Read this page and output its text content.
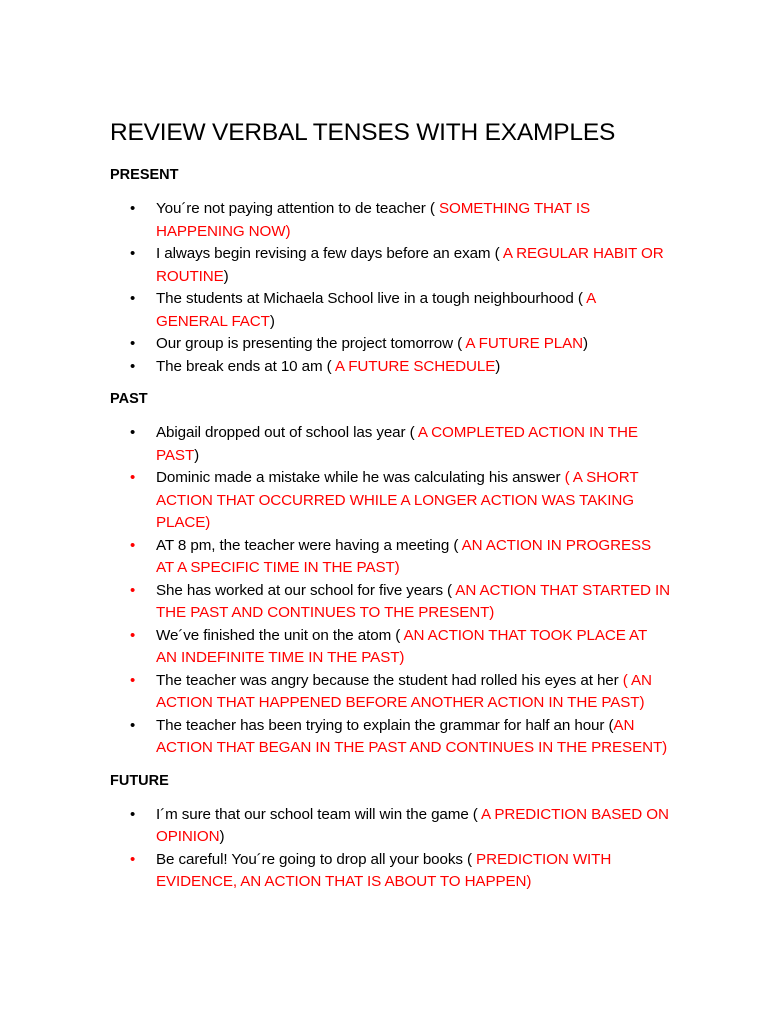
REVIEW VERBAL TENSES WITH EXAMPLES
PRESENT
• You´re not paying attention to de teacher ( SOMETHING THAT IS HAPPENING NOW)
• I always begin revising a few days before an exam ( A REGULAR HABIT OR ROUTINE)
• The students at Michaela School live in a tough neighbourhood ( A GENERAL FACT)
• Our group is presenting the project tomorrow ( A FUTURE PLAN)
• The break ends at 10 am ( A FUTURE SCHEDULE)
PAST
• Abigail dropped out of school las year ( A COMPLETED ACTION IN THE PAST)
• Dominic made a mistake while he was calculating his answer ( A SHORT ACTION THAT OCCURRED WHILE A LONGER ACTION WAS TAKING PLACE)
• AT 8 pm, the teacher were having a meeting ( AN ACTION IN PROGRESS AT A SPECIFIC TIME IN THE PAST)
• She has worked at our school for five years ( AN ACTION THAT STARTED IN THE PAST AND CONTINUES TO THE PRESENT)
• We´ve finished the unit on the atom ( AN ACTION THAT TOOK PLACE AT AN INDEFINITE TIME IN THE PAST)
• The teacher was angry because the student had rolled his eyes at her ( AN ACTION THAT HAPPENED BEFORE ANOTHER ACTION IN THE PAST)
• The teacher has been trying to explain the grammar for half an hour (AN ACTION THAT BEGAN IN THE PAST AND CONTINUES IN THE PRESENT)
FUTURE
• I´m sure that our school team will win the game ( A PREDICTION BASED ON OPINION)
• Be careful! You´re going to drop all your books ( PREDICTION WITH EVIDENCE, AN ACTION THAT IS ABOUT TO HAPPEN)
